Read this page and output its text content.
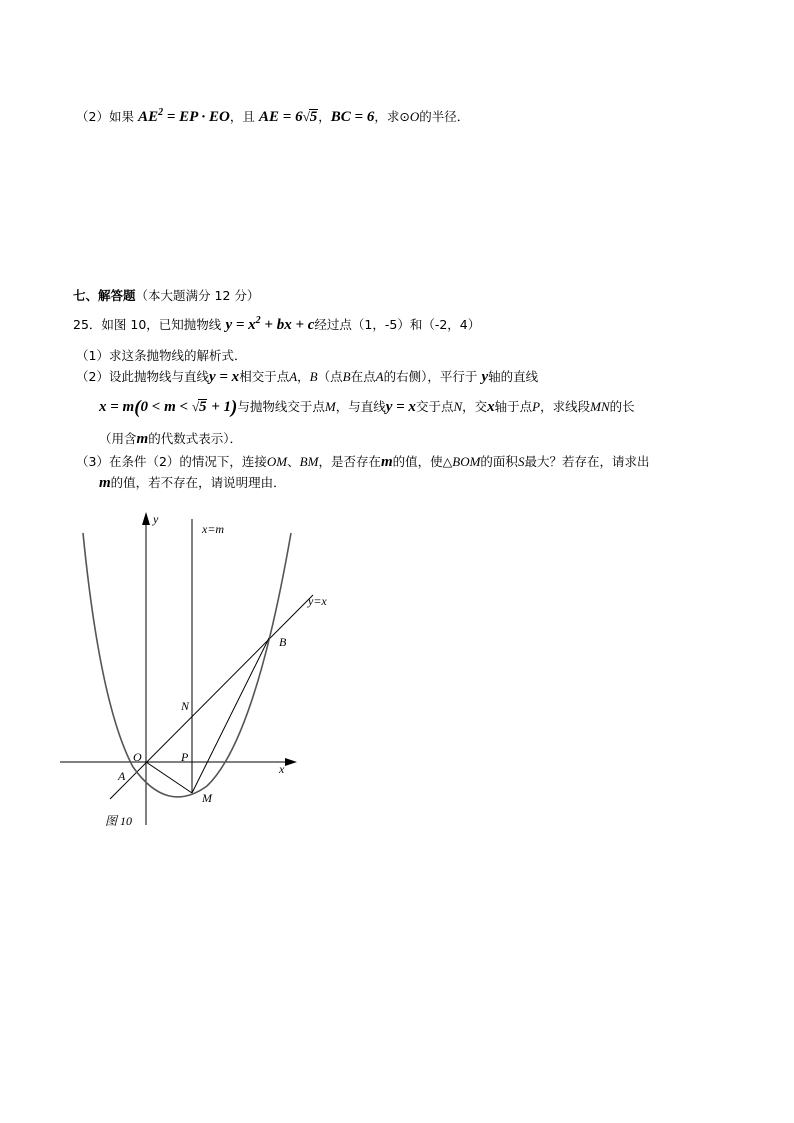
（2）如果 $AE^2$ = EP · EO，且 AE = 6√5，BC = 6，求⊙O的半径．
七、解答题（本大题满分 12 分）
25．如图 10，已知抛物线 $y = x^2$ + bx + c经过点（1，-5）和（-2，4）
（1）求这条抛物线的解析式．
（2）设此抛物线与直线y = x相交于点A，B（点B在点A的右侧），平行于 y轴的直线
x = m(0 < m < √5 + 1)与抛物线交于点M，与直线y = x交于点N，交x轴于点P，求线段MN的长
（用含m的代数式表示）．
（3）在条件（2）的情况下，连接OM、BM，是否存在m的值，使△BOM的面积S最大？若存在，请求出
m的值，若不存在，请说明理由．
y
x=m
y=x
B
N
O	P
x
A
M
图 10
